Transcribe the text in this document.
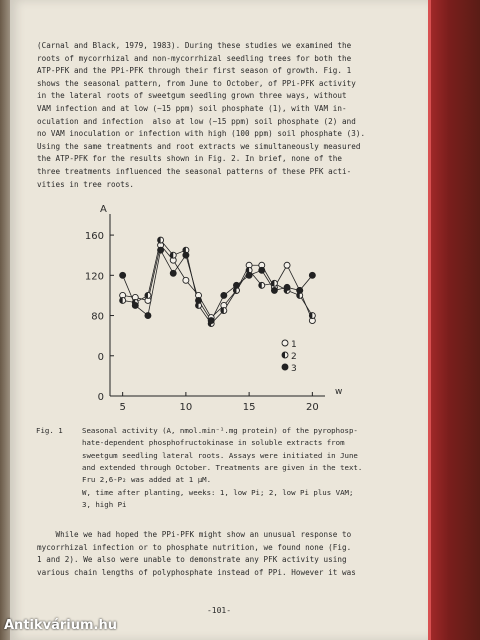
(Carnal and Black, 1979, 1983). During these studies we examined the
roots of mycorrhizal and non-mycorrhizal seedling trees for both the
ATP-PFK and the PPi-PFK through their first season of growth. Fig. 1
shows the seasonal pattern, from June to October, of PPi-PFK activity
in the lateral roots of sweetgum seedling grown three ways, without
VAM infection and at low (~15 ppm) soil phosphate (1), with VAM in-
oculation and infection  also at low (~15 ppm) soil phosphate (2) and
no VAM inoculation or infection with high (100 ppm) soil phosphate (3).
Using the same treatments and root extracts we simultaneously measured
the ATP-PFK for the results shown in Fig. 2. In brief, none of the
three treatments influenced the seasonal patterns of these PFK acti-
vities in tree roots.
5	10	15	20
0
80
120
160
0
A
w
1
2
3
Fig. 1	Seasonal activity (A, nmol.min⁻¹.mg protein) of the pyrophosp-
hate-dependent phosphofructokinase in soluble extracts from
sweetgum seedling lateral roots. Assays were initiated in June
and extended through October. Treatments are given in the text.
Fru 2,6-P₂ was added at 1 μM.
W, time after planting, weeks: 1, low Pi; 2, low Pi plus VAM;
3, high Pi
While we had hoped the PPi-PFK might show an unusual response to
mycorrhizal infection or to phosphate nutrition, we found none (Fig.
1 and 2). We also were unable to demonstrate any PFK activity using
various chain lengths of polyphosphate instead of PPi. However it was
-101-
Antikvárium.hu
